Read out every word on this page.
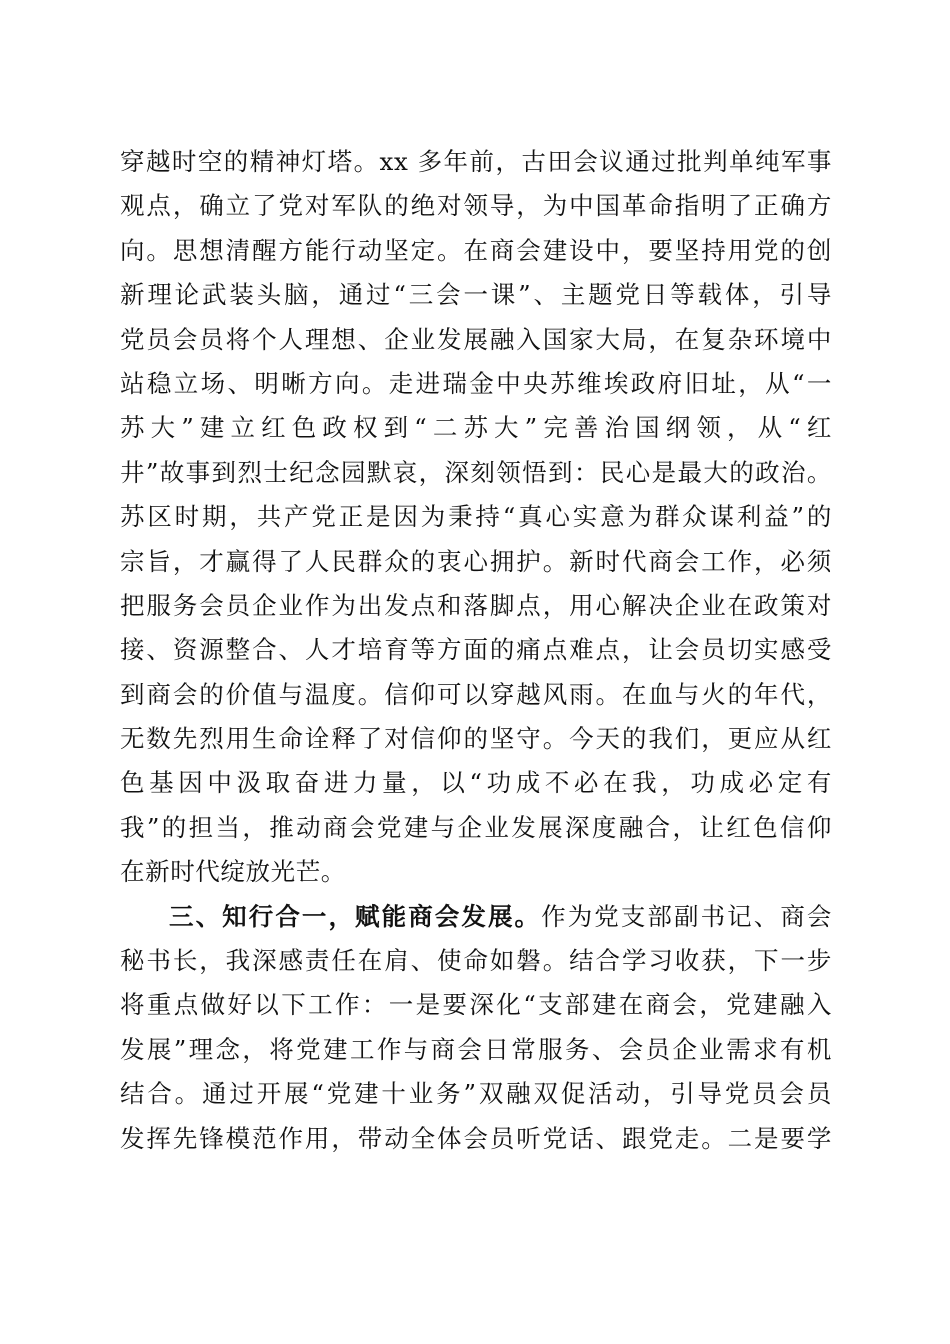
穿越时空的精神灯塔。xx 多年前，古田会议通过批判单纯军事
观点，确立了党对军队的绝对领导，为中国革命指明了正确方
向。思想清醒方能行动坚定。在商会建设中，要坚持用党的创
新理论武装头脑，通过“三会一课”、主题党日等载体，引导
党员会员将个人理想、企业发展融入国家大局，在复杂环境中
站稳立场、明晰方向。走进瑞金中央苏维埃政府旧址，从“一
苏大”建立红色政权到“二苏大”完善治国纲领，从“红
井”故事到烈士纪念园默哀，深刻领悟到：民心是最大的政治。
苏区时期，共产党正是因为秉持“真心实意为群众谋利益”的
宗旨，才赢得了人民群众的衷心拥护。新时代商会工作，必须
把服务会员企业作为出发点和落脚点，用心解决企业在政策对
接、资源整合、人才培育等方面的痛点难点，让会员切实感受
到商会的价值与温度。信仰可以穿越风雨。在血与火的年代，
无数先烈用生命诠释了对信仰的坚守。今天的我们，更应从红
色基因中汲取奋进力量，以“功成不必在我，功成必定有
我”的担当，推动商会党建与企业发展深度融合，让红色信仰
在新时代绽放光芒。
三、知行合一，赋能商会发展。作为党支部副书记、商会
秘书长，我深感责任在肩、使命如磐。结合学习收获，下一步
将重点做好以下工作：一是要深化“支部建在商会，党建融入
发展”理念，将党建工作与商会日常服务、会员企业需求有机
结合。通过开展“党建十业务”双融双促活动，引导党员会员
发挥先锋模范作用，带动全体会员听党话、跟党走。二是要学
